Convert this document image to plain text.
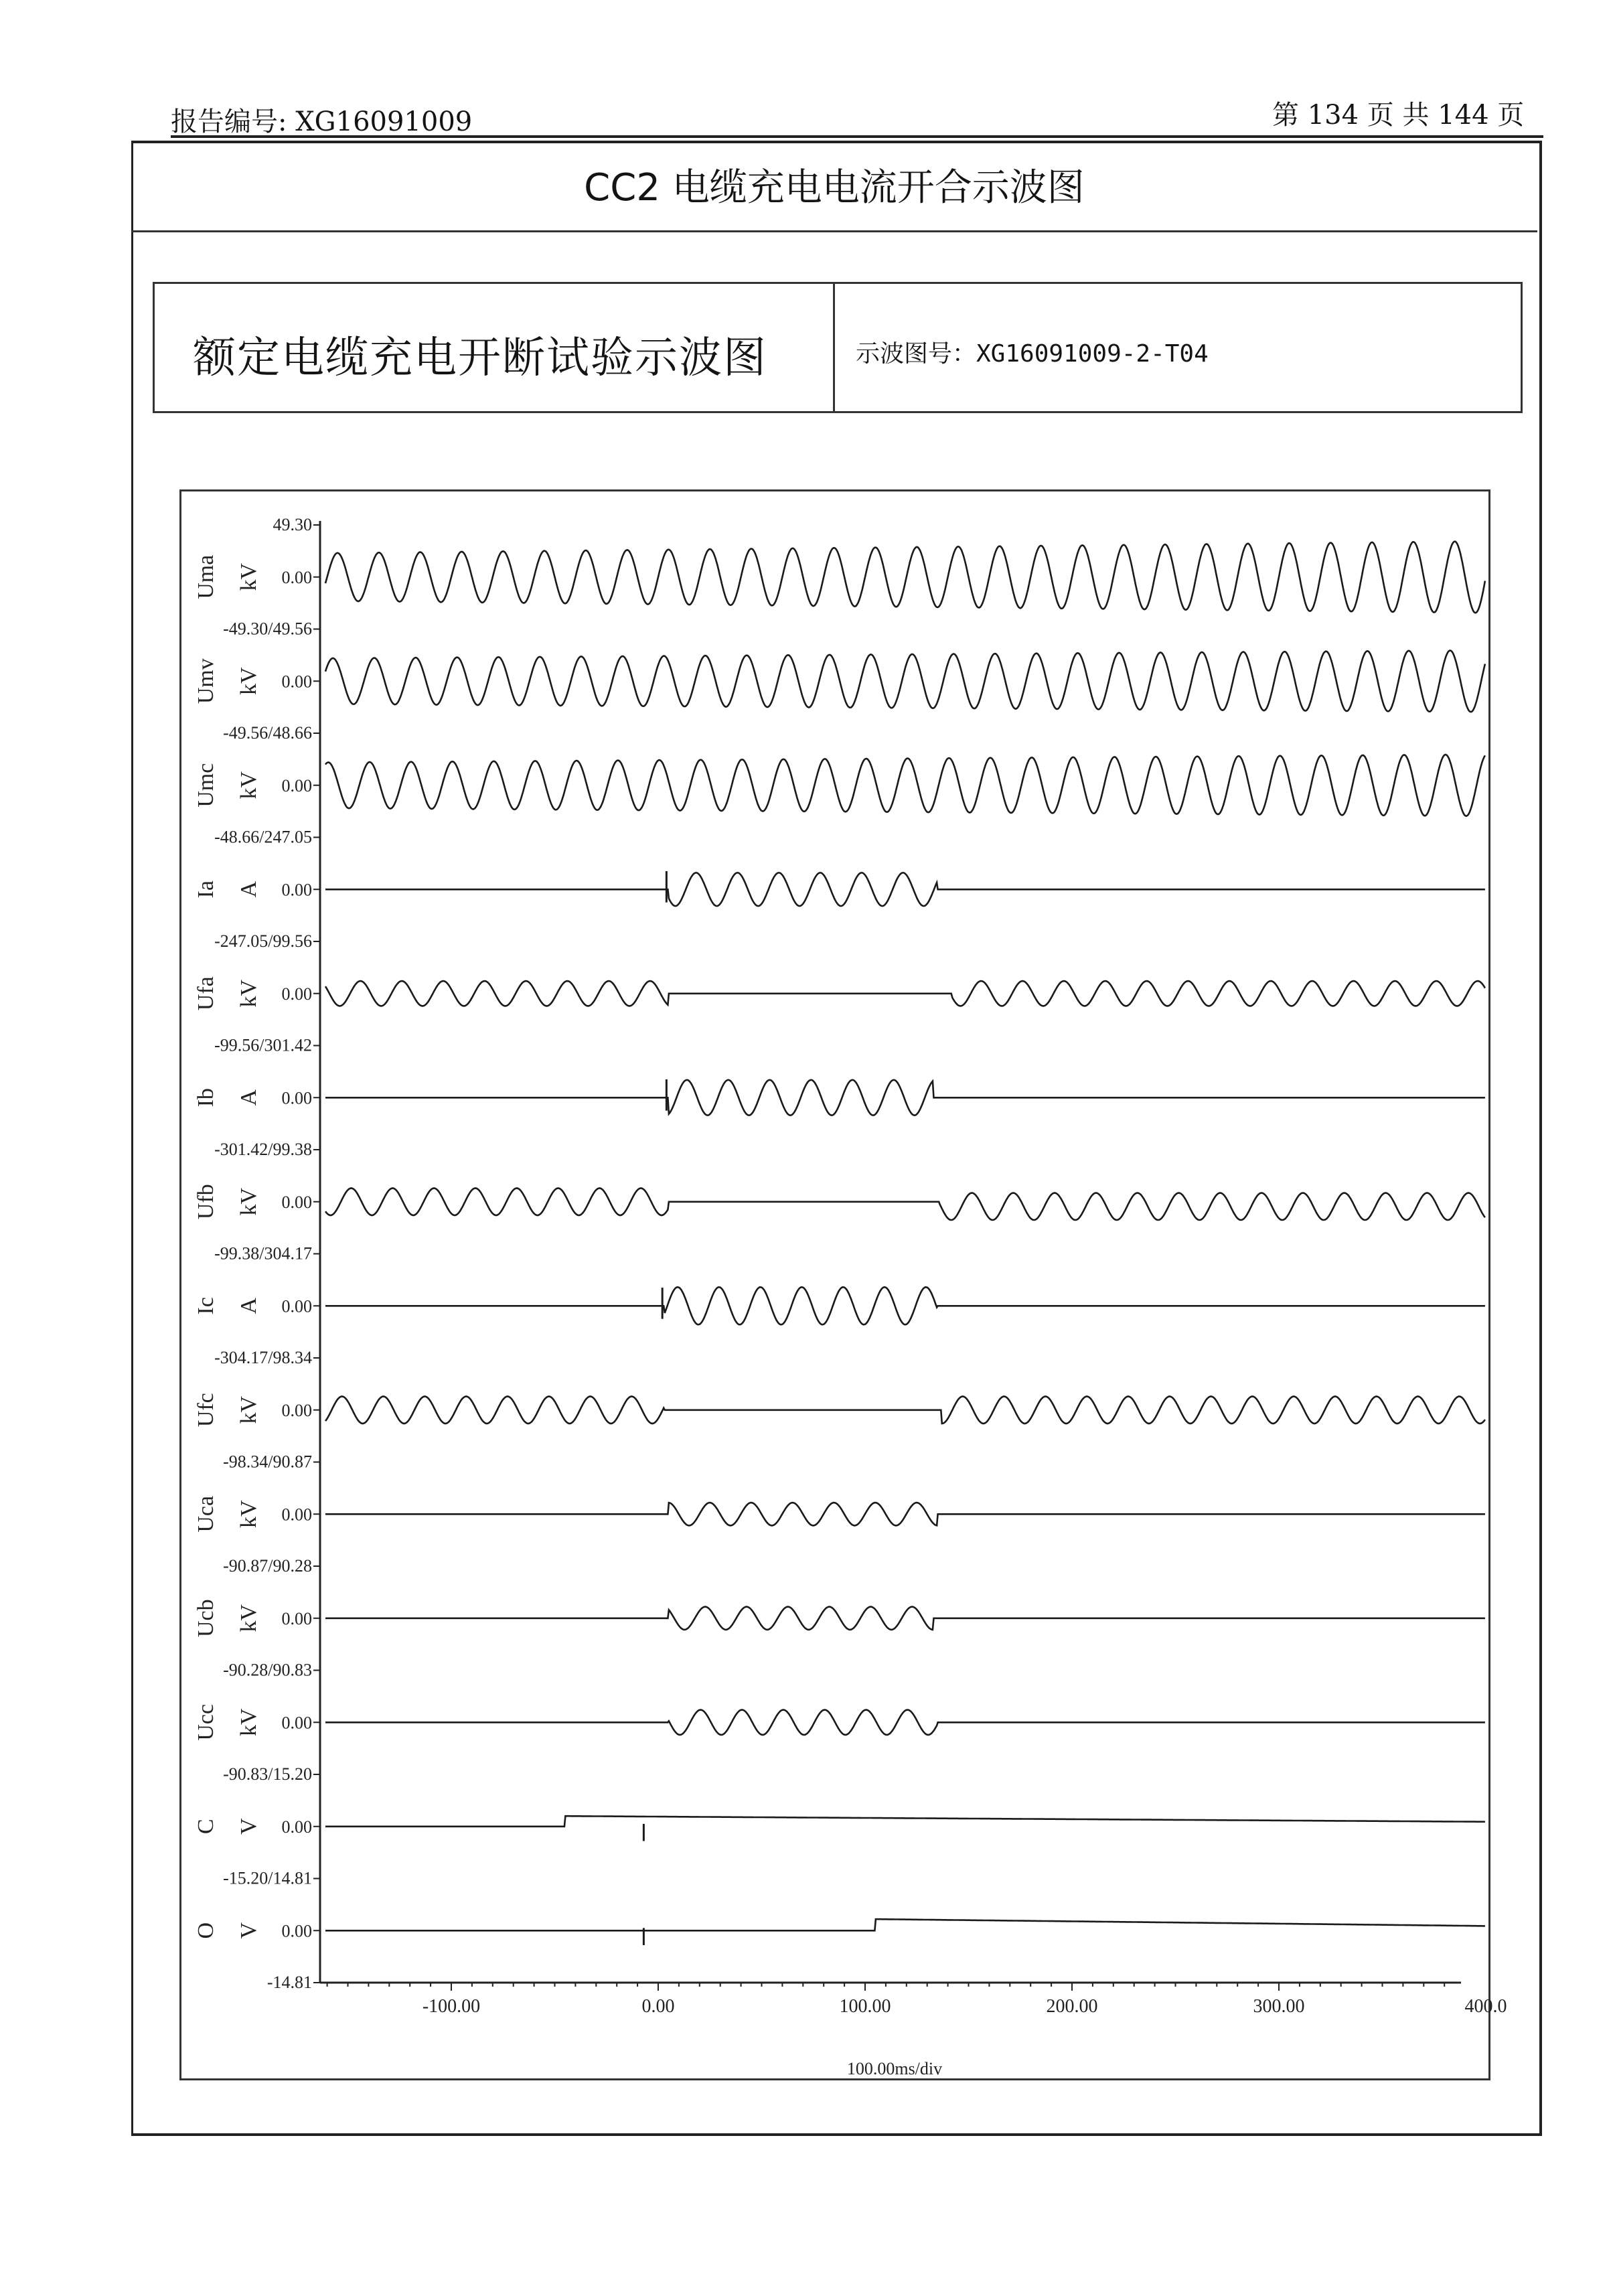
报告编号: XG16091009	第 134 页 共 144 页
CC2 电缆充电电流开合示波图
额定电缆充电开断试验示波图	示波图号：XG16091009-2-T04
49.30
0.00
Uma kV
-49.30/49.56
0.00
Umv kV
-49.56/48.66
0.00
Umc kV
-48.66/247.05
0.00
Ia A
-247.05/99.56
0.00
Ufa kV
-99.56/301.42
0.00
Ib A
-301.42/99.38
0.00
Ufb kV
-99.38/304.17
0.00
Ic A
-304.17/98.34
0.00
Ufc kV
-98.34/90.87
0.00
Uca kV
-90.87/90.28
0.00
Ucb kV
-90.28/90.83
0.00
Ucc kV
-90.83/15.20
0.00
C V
-15.20/14.81
0.00
O V
-14.81
-100.00	0.00	100.00	200.00	300.00	400.0
100.00ms/div
